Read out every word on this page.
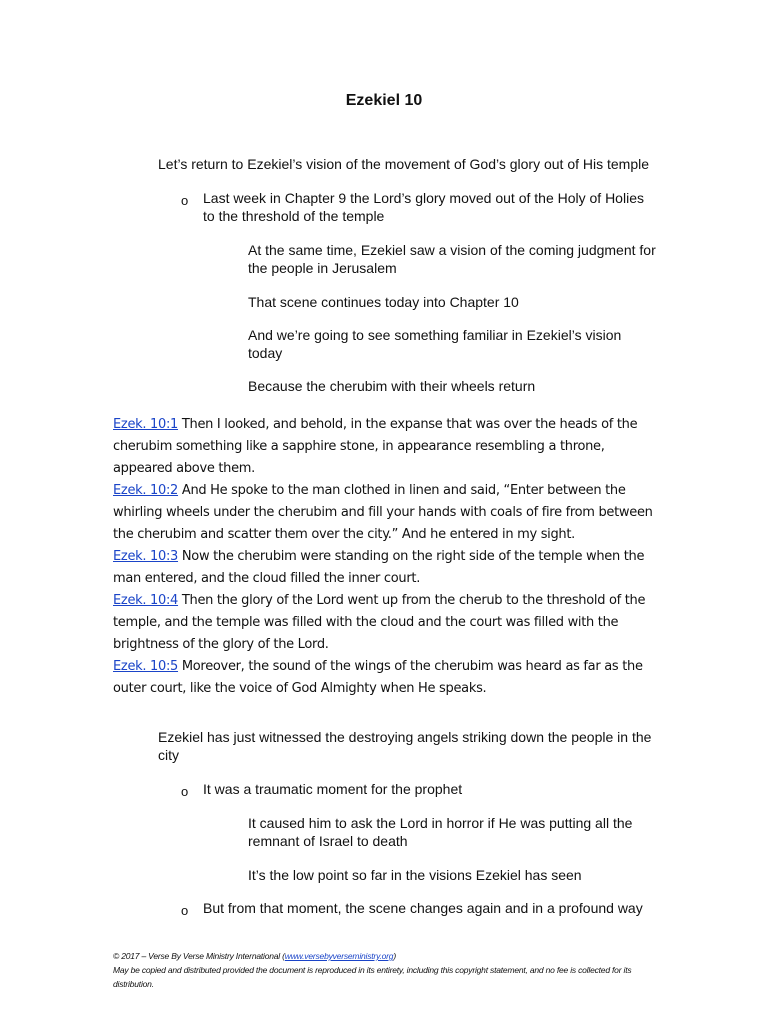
Ezekiel 10

Let’s return to Ezekiel’s vision of the movement of God’s glory out of His temple

o Last week in Chapter 9 the Lord’s glory moved out of the Holy of Holies to the threshold of the temple

At the same time, Ezekiel saw a vision of the coming judgment for the people in Jerusalem

That scene continues today into Chapter 10

And we’re going to see something familiar in Ezekiel’s vision today

Because the cherubim with their wheels return

Ezek. 10:1 Then I looked, and behold, in the expanse that was over the heads of the cherubim something like a sapphire stone, in appearance resembling a throne, appeared above them.

Ezek. 10:2 And He spoke to the man clothed in linen and said, “Enter between the whirling wheels under the cherubim and fill your hands with coals of fire from between the cherubim and scatter them over the city.” And he entered in my sight.

Ezek. 10:3 Now the cherubim were standing on the right side of the temple when the man entered, and the cloud filled the inner court.

Ezek. 10:4 Then the glory of the Lord went up from the cherub to the threshold of the temple, and the temple was filled with the cloud and the court was filled with the brightness of the glory of the Lord.

Ezek. 10:5 Moreover, the sound of the wings of the cherubim was heard as far as the outer court, like the voice of God Almighty when He speaks.

Ezekiel has just witnessed the destroying angels striking down the people in the city

o It was a traumatic moment for the prophet

It caused him to ask the Lord in horror if He was putting all the remnant of Israel to death

It’s the low point so far in the visions Ezekiel has seen

o But from that moment, the scene changes again and in a profound way

© 2017 – Verse By Verse Ministry International (www.versebyverseministry.org)
May be copied and distributed provided the document is reproduced in its entirety, including this copyright statement, and no fee is collected for its distribution.
